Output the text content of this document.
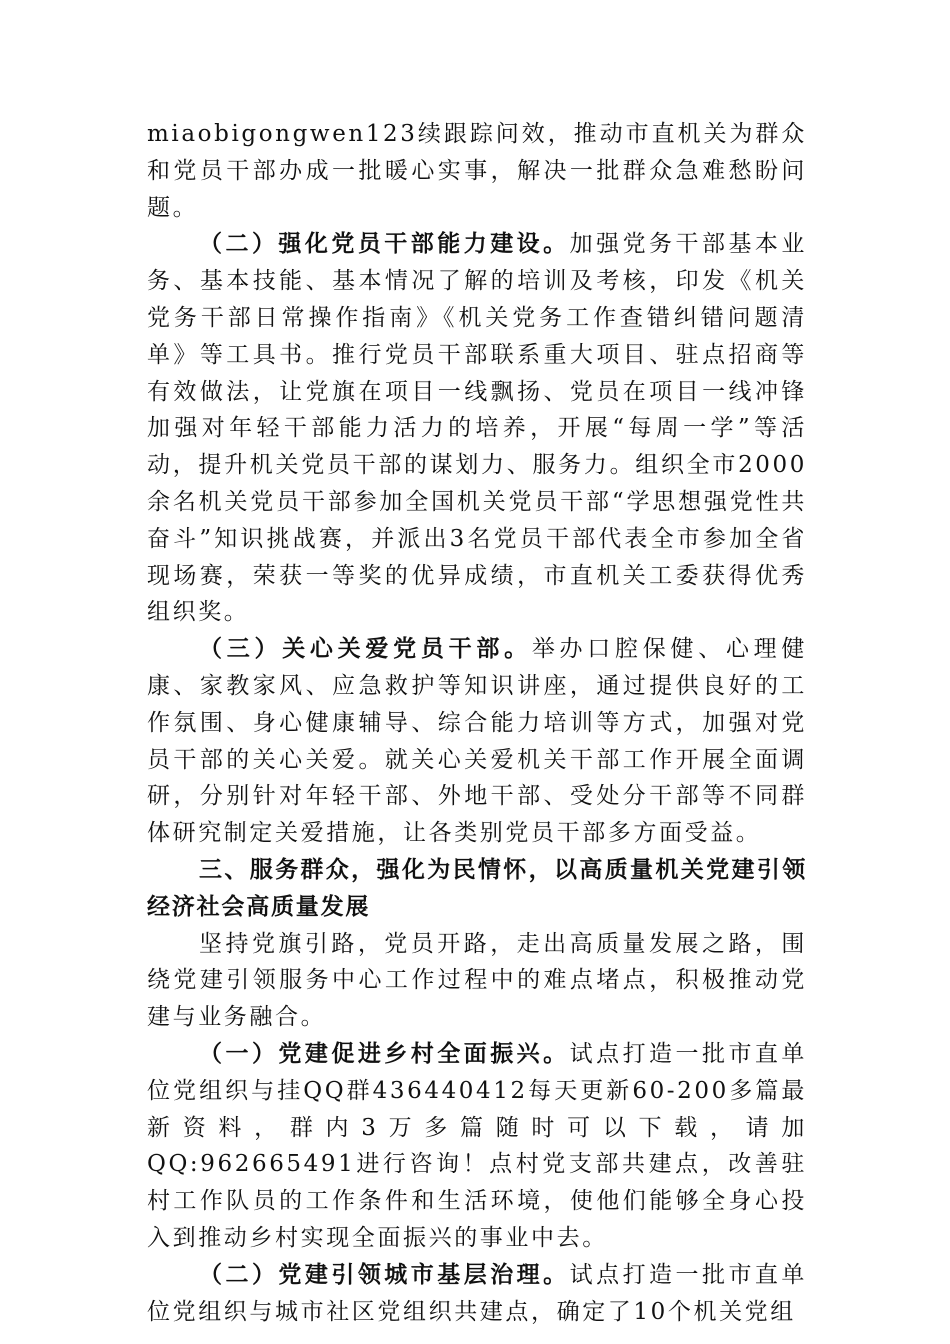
miaobigongwen123续跟踪问效，推动市直机关为群众和党员干部办成一批暖心实事，解决一批群众急难愁盼问题。

（二）强化党员干部能力建设。加强党务干部基本业务、基本技能、基本情况了解的培训及考核，印发《机关党务干部日常操作指南》《机关党务工作查错纠错问题清单》等工具书。推行党员干部联系重大项目、驻点招商等有效做法，让党旗在项目一线飘扬、党员在项目一线冲锋加强对年轻干部能力活力的培养，开展“每周一学”等活动，提升机关党员干部的谋划力、服务力。组织全市2000余名机关党员干部参加全国机关党员干部“学思想强党性共奋斗”知识挑战赛，并派出3名党员干部代表全市参加全省现场赛，荣获一等奖的优异成绩，市直机关工委获得优秀组织奖。

（三）关心关爱党员干部。举办口腔保健、心理健康、家教家风、应急救护等知识讲座，通过提供良好的工作氛围、身心健康辅导、综合能力培训等方式，加强对党员干部的关心关爱。就关心关爱机关干部工作开展全面调研，分别针对年轻干部、外地干部、受处分干部等不同群体研究制定关爱措施，让各类别党员干部多方面受益。

三、服务群众，强化为民情怀，以高质量机关党建引领经济社会高质量发展

坚持党旗引路，党员开路，走出高质量发展之路，围绕党建引领服务中心工作过程中的难点堵点，积极推动党建与业务融合。

（一）党建促进乡村全面振兴。试点打造一批市直单位党组织与挂QQ群436440412每天更新60-200多篇最新资料，群内3万多篇随时可以下载，请加QQ:962665491进行咨询！点村党支部共建点，改善驻村工作队员的工作条件和生活环境，使他们能够全身心投入到推动乡村实现全面振兴的事业中去。

（二）党建引领城市基层治理。试点打造一批市直单位党组织与城市社区党组织共建点，确定了10个机关党组
